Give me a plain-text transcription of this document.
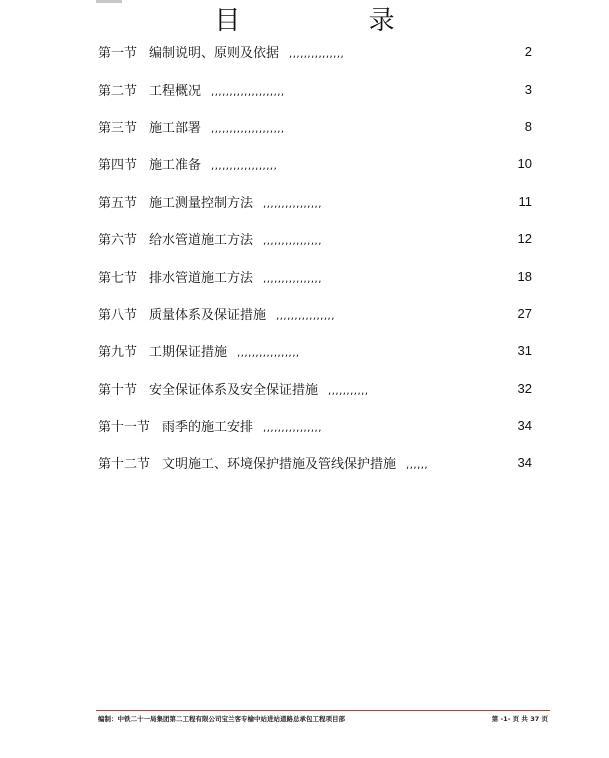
目 录
第一节 编制说明、原则及依据 ,,,,,,,,,,,,,,,	2
第二节 工程概况 ,,,,,,,,,,,,,,,,,,,,	3
第三节 施工部署 ,,,,,,,,,,,,,,,,,,,,	8
第四节 施工准备 ,,,,,,,,,,,,,,,,,,	10
第五节 施工测量控制方法 ,,,,,,,,,,,,,,,,	11
第六节 给水管道施工方法 ,,,,,,,,,,,,,,,,	12
第七节 排水管道施工方法 ,,,,,,,,,,,,,,,,	18
第八节 质量体系及保证措施 ,,,,,,,,,,,,,,,,	27
第九节 工期保证措施 ,,,,,,,,,,,,,,,,,	31
第十节 安全保证体系及安全保证措施 ,,,,,,,,,,,	32
第十一节 雨季的施工安排 ,,,,,,,,,,,,,,,,	34
第十二节 文明施工、环境保护措施及管线保护措施 ,,,,,,	34
编制：中铁二十一局集团第二工程有限公司宝兰客专榆中站进站道路总承包工程项目部	第 -1- 页 共 37 页
